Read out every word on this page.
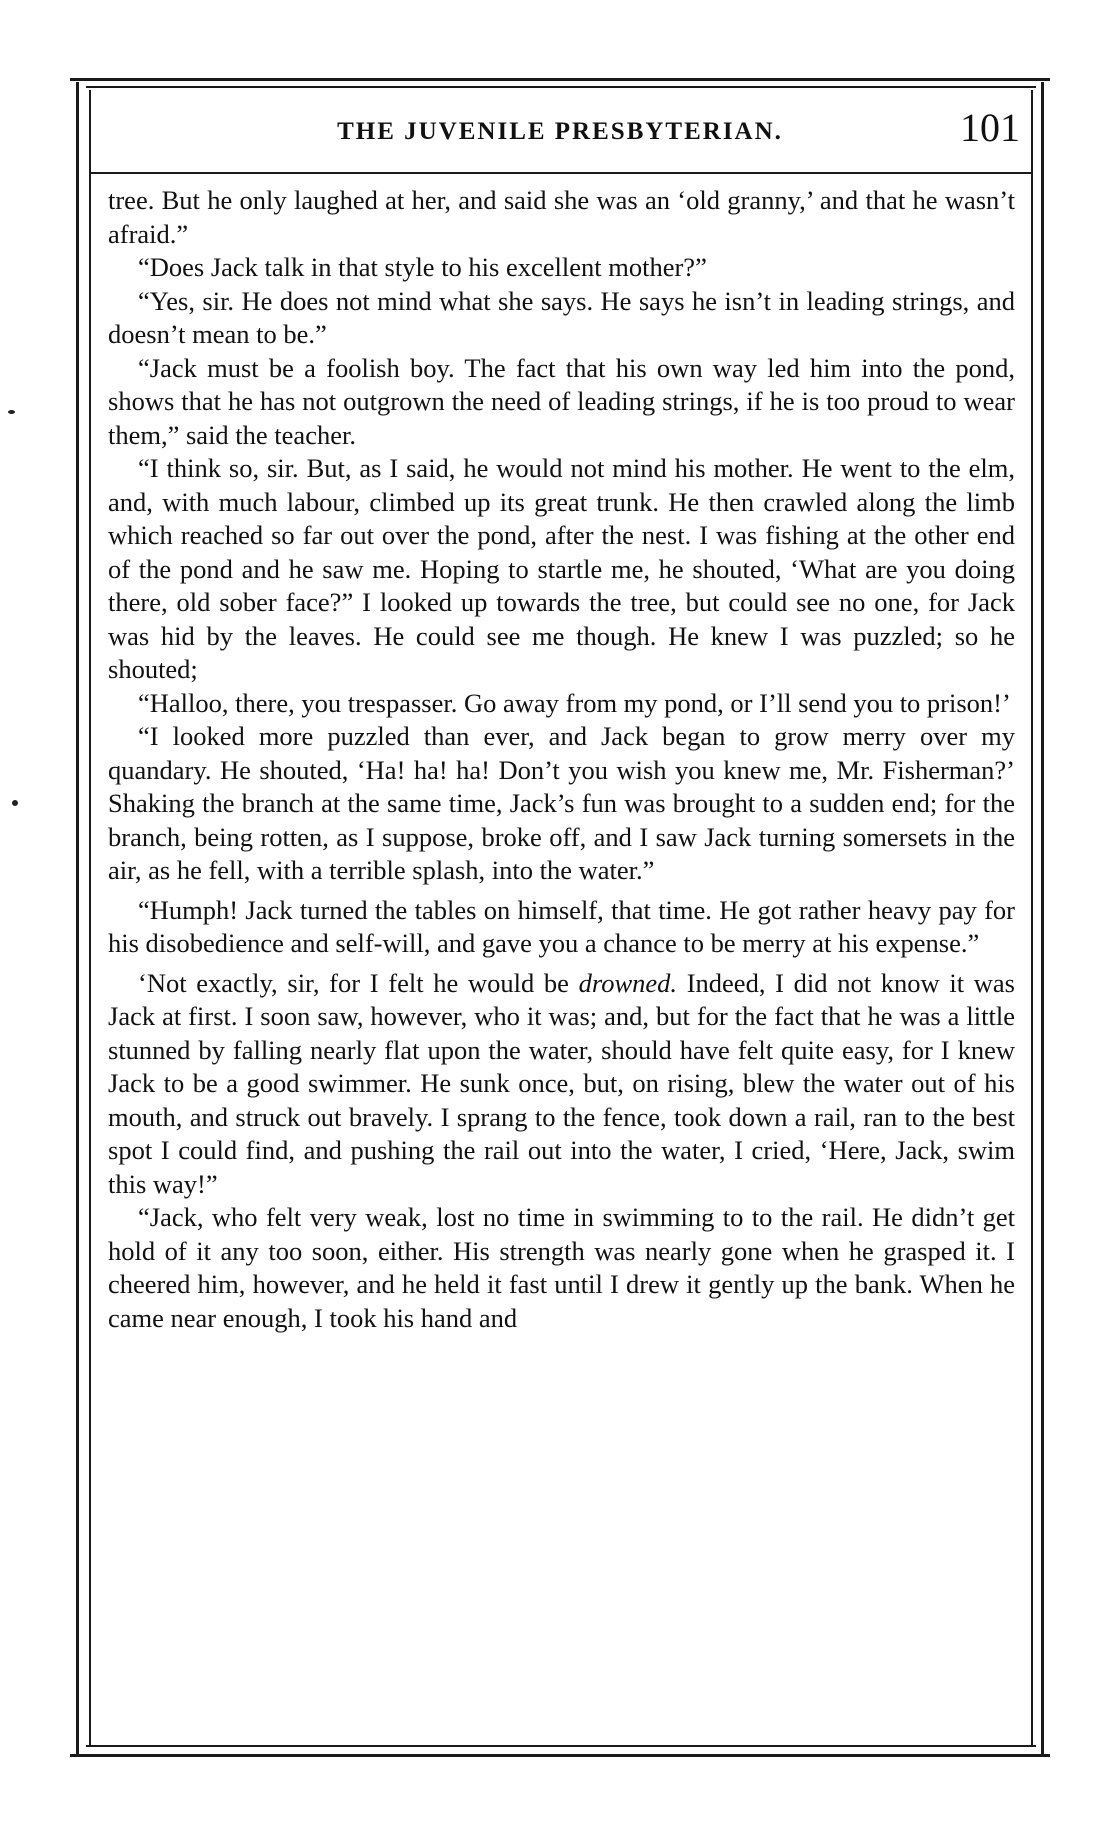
THE JUVENILE PRESBYTERIAN.	101

tree. But he only laughed at her, and said she was an ‘old granny,’ and that he wasn’t afraid.”

“Does Jack talk in that style to his excellent mother?”

“Yes, sir. He does not mind what she says. He says he isn’t in leading strings, and doesn’t mean to be.”

“Jack must be a foolish boy. The fact that his own way led him into the pond, shows that he has not outgrown the need of leading strings, if he is too proud to wear them,” said the teacher.

“I think so, sir. But, as I said, he would not mind his mother. He went to the elm, and, with much labour, climbed up its great trunk. He then crawled along the limb which reached so far out over the pond, after the nest. I was fishing at the other end of the pond and he saw me. Hoping to startle me, he shouted, ‘What are you doing there, old sober face?” I looked up towards the tree, but could see no one, for Jack was hid by the leaves. He could see me though. He knew I was puzzled; so he shouted;

“Halloo, there, you trespasser. Go away from my pond, or I’ll send you to prison!’

“I looked more puzzled than ever, and Jack began to grow merry over my quandary. He shouted, ‘Ha! ha! ha! Don’t you wish you knew me, Mr. Fisherman?’ Shaking the branch at the same time, Jack’s fun was brought to a sudden end; for the branch, being rotten, as I suppose, broke off, and I saw Jack turning somersets in the air, as he fell, with a terrible splash, into the water.”

“Humph! Jack turned the tables on himself, that time. He got rather heavy pay for his disobedience and self-will, and gave you a chance to be merry at his expense.”

‘Not exactly, sir, for I felt he would be drowned. Indeed, I did not know it was Jack at first. I soon saw, however, who it was; and, but for the fact that he was a little stunned by falling nearly flat upon the water, should have felt quite easy, for I knew Jack to be a good swimmer. He sunk once, but, on rising, blew the water out of his mouth, and struck out bravely. I sprang to the fence, took down a rail, ran to the best spot I could find, and pushing the rail out into the water, I cried, ‘Here, Jack, swim this way!”

“Jack, who felt very weak, lost no time in swimming to to the rail. He didn’t get hold of it any too soon, either. His strength was nearly gone when he grasped it. I cheered him, however, and he held it fast until I drew it gently up the bank. When he came near enough, I took his hand and
